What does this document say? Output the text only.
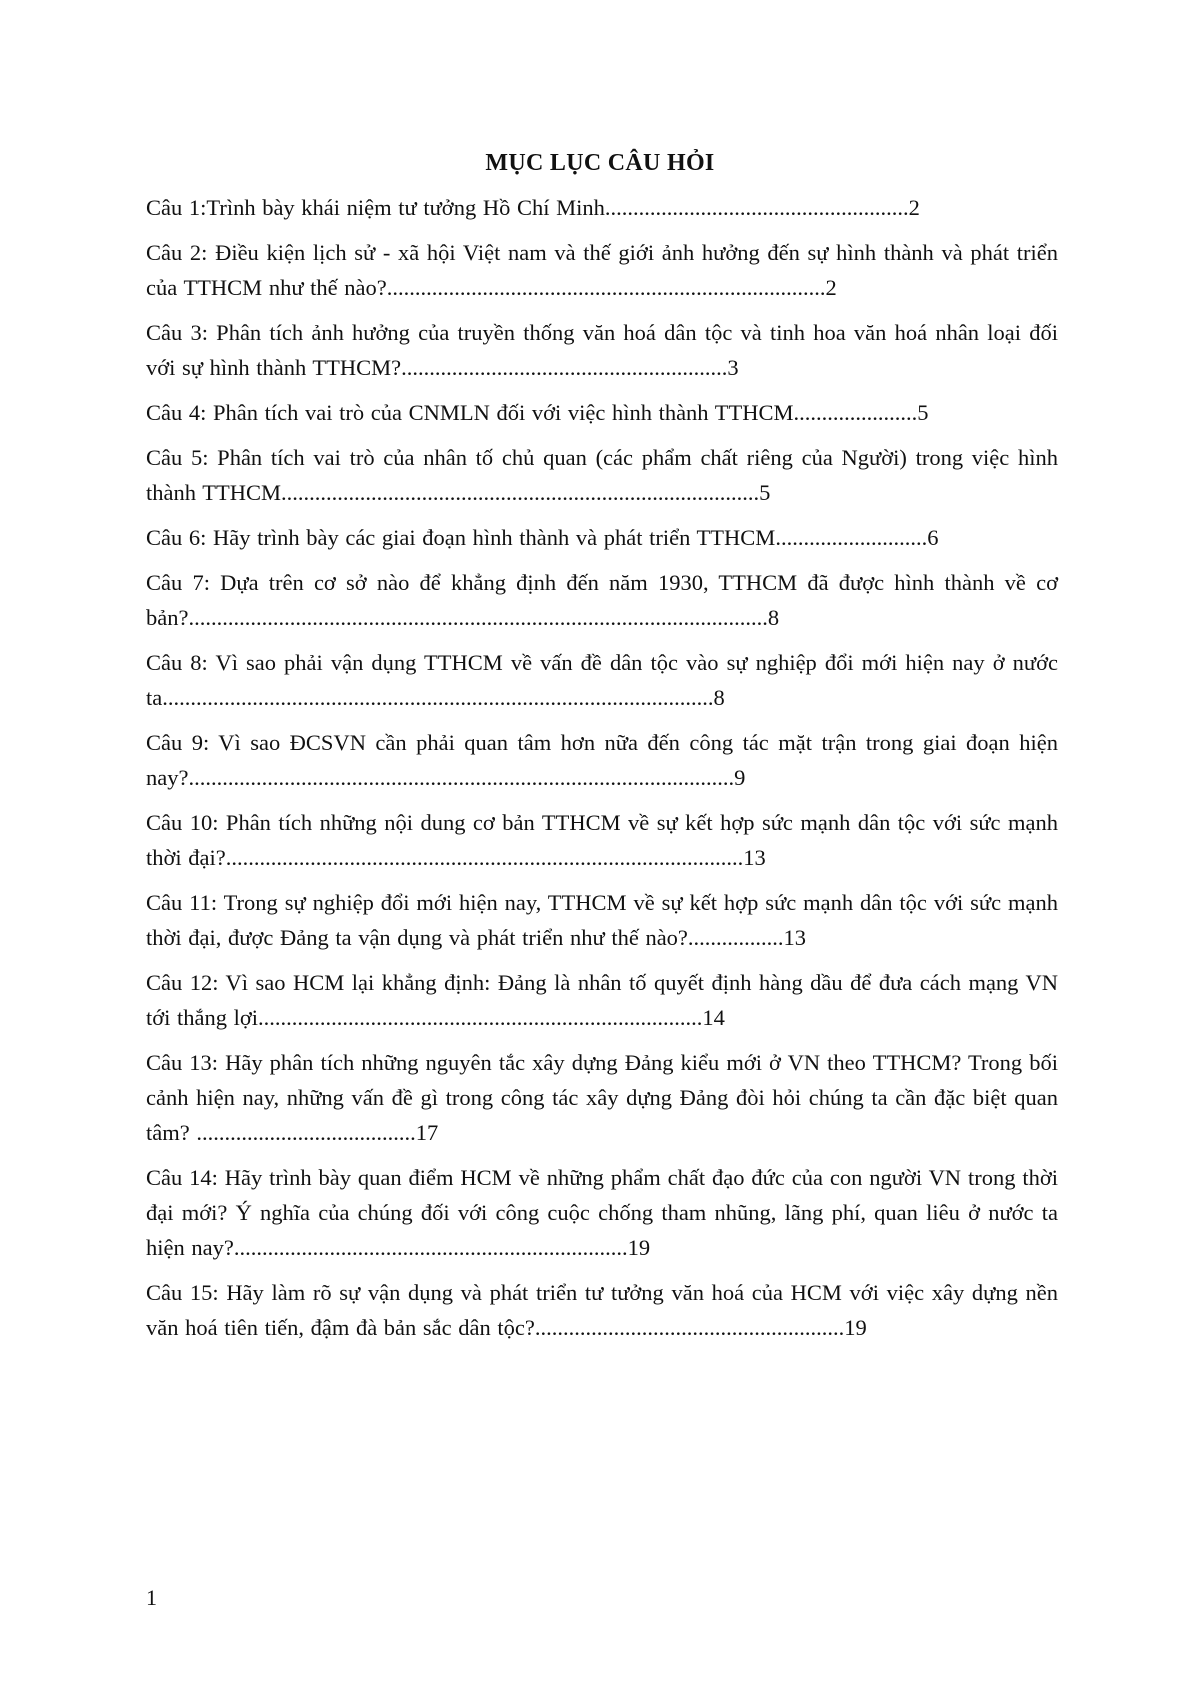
MỤC LỤC CÂU HỎI
Câu 1:Trình bày khái niệm tư tưởng Hồ Chí Minh......................................................2
Câu 2: Điều kiện lịch sử - xã hội Việt nam và thế giới ảnh hưởng đến sự hình thành và phát triển của TTHCM như thế nào?..............................................................................2
Câu 3: Phân tích ảnh hưởng của truyền thống văn hoá dân tộc và tinh hoa văn hoá nhân loại đối với sự hình thành TTHCM?..........................................................3
Câu 4: Phân tích vai trò của CNMLN đối với việc hình thành TTHCM......................5
Câu 5: Phân tích vai trò của nhân tố chủ quan (các phẩm chất riêng của Người) trong việc hình thành TTHCM.....................................................................................5
Câu 6: Hãy trình bày các giai đoạn hình thành và phát triển TTHCM...........................6
Câu 7: Dựa trên cơ sở nào để khẳng định đến năm 1930, TTHCM đã được hình thành về cơ bản?.......................................................................................................8
Câu 8: Vì sao phải vận dụng TTHCM về vấn đề dân tộc vào sự nghiệp đổi mới hiện nay ở nước ta..................................................................................................8
Câu 9: Vì sao ĐCSVN cần phải quan tâm hơn nữa đến công tác mặt trận trong giai đoạn hiện nay?.................................................................................................9
Câu 10: Phân tích những nội dung cơ bản TTHCM về sự kết hợp sức mạnh dân tộc với sức mạnh thời đại?............................................................................................13
Câu 11: Trong sự nghiệp đổi mới hiện nay, TTHCM về sự kết hợp sức mạnh dân tộc với sức mạnh thời đại, được Đảng ta vận dụng và phát triển như thế nào?.................13
Câu 12: Vì sao HCM lại khẳng định: Đảng là nhân tố quyết định hàng dầu để đưa cách mạng VN tới thắng lợi...............................................................................14
Câu 13: Hãy phân tích những nguyên tắc xây dựng Đảng kiểu mới ở VN theo TTHCM? Trong bối cảnh hiện nay, những vấn đề gì trong công tác xây dựng Đảng đòi hỏi chúng ta cần đặc biệt quan tâm? .......................................17
Câu 14: Hãy trình bày quan điểm HCM về những phẩm chất đạo đức của con người VN trong thời đại mới? Ý nghĩa của chúng đối với công cuộc chống tham nhũng, lãng phí, quan liêu ở nước ta hiện nay?......................................................................19
Câu 15: Hãy làm rõ sự vận dụng và phát triển tư tưởng văn hoá của HCM với việc xây dựng nền văn hoá tiên tiến, đậm đà bản sắc dân tộc?.......................................................19
1
